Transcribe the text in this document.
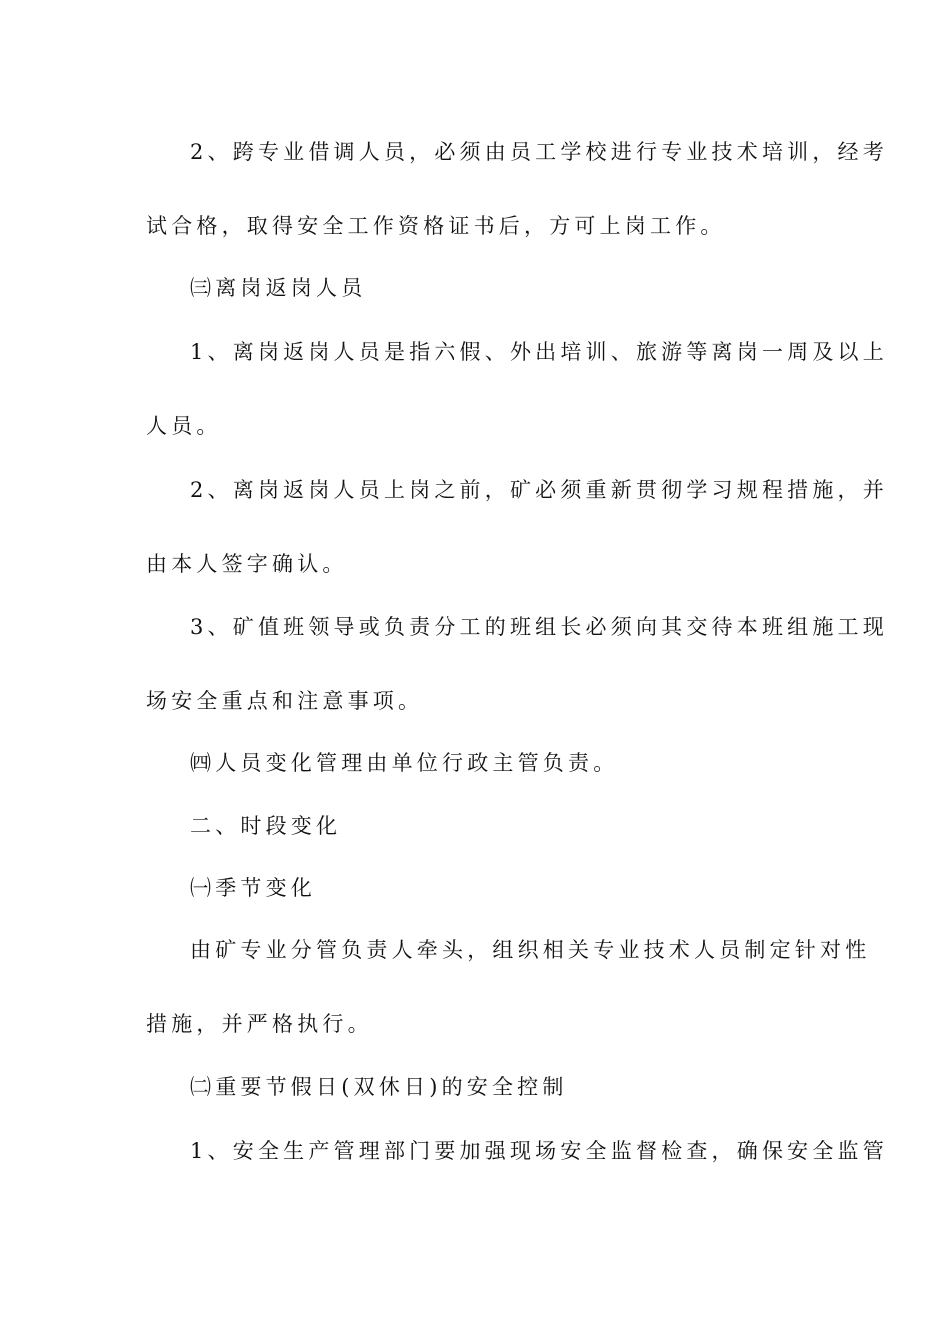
2、跨专业借调人员，必须由员工学校进行专业技术培训，经考
试合格，取得安全工作资格证书后，方可上岗工作。
㈢离岗返岗人员
1、离岗返岗人员是指六假、外出培训、旅游等离岗一周及以上
人员。
2、离岗返岗人员上岗之前，矿必须重新贯彻学习规程措施，并
由本人签字确认。
3、矿值班领导或负责分工的班组长必须向其交待本班组施工现
场安全重点和注意事项。
㈣人员变化管理由单位行政主管负责。
二、时段变化
㈠季节变化
由矿专业分管负责人牵头，组织相关专业技术人员制定针对性
措施，并严格执行。
㈡重要节假日(双休日)的安全控制
1、安全生产管理部门要加强现场安全监督检查，确保安全监管
